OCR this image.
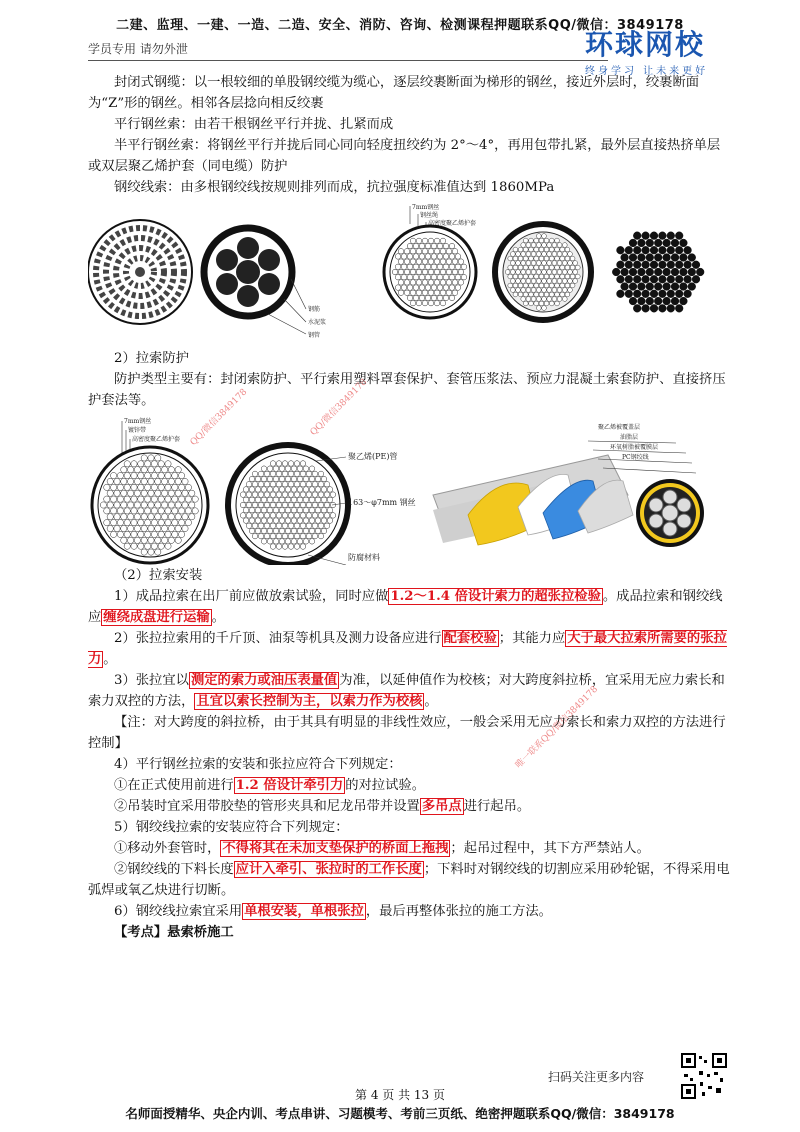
二建、监理、一建、一造、二造、安全、消防、咨询、检测课程押题联系QQ/微信：3849178
学员专用 请勿外泄	环球网校
终身学习 让未来更好
QQ/微信3849178
QQ/微信3849178
唯一联系QQ/微信3849178

封闭式钢缆：以一根较细的单股钢绞缆为缆心，逐层绞裹断面为梯形的钢丝，接近外层时，绞裹断面为“Z”形的钢丝。相邻各层捻向相反绞裹

平行钢丝索：由若干根钢丝平行并拢、扎紧而成

半平行钢丝索：将钢丝平行并拢后同心同向轻度扭绞约为 2°～4°，再用包带扎紧，最外层直接热挤单层或双层聚乙烯护套（同电缆）防护

钢绞线索：由多根钢绞线按规则排列而成，抗拉强度标准值达到 1860MPa

钢筋
水泥浆
钢管
7mm钢丝
钢丝绳
高密度聚乙烯护套

2）拉索防护

防护类型主要有：封闭索防护、平行索用塑料罩套保护、套管压浆法、预应力混凝土索套防护、直接挤压护套法等。

7mm钢丝
镀锌带
高密度聚乙烯护套
聚乙烯(PE)管
163～φ7mm 钢丝
防腐材料
聚乙烯被覆盖层
油脂层
环氧树脂被覆膜层
PC钢绞线

（2）拉索安装

1）成品拉索在出厂前应做放索试验，同时应做 1.2～1.4 倍设计索力的超张拉检验 。成品拉索和钢绞线应 缠绕成盘进行运输 。

2）张拉拉索用的千斤顶、油泵等机具及测力设备应进行 配套校验 ；其能力应 大于最大拉索所需要的张拉力 。

3）张拉宜以 测定的索力或油压表量值 为准，以延伸值作为校核；对大跨度斜拉桥，宜采用无应力索长和索力双控的方法， 且宜以索长控制为主，以索力作为校核 。

【注：对大跨度的斜拉桥，由于其具有明显的非线性效应，一般会采用无应力索长和索力双控的方法进行控制】

4）平行钢丝拉索的安装和张拉应符合下列规定：

①在正式使用前进行 1.2 倍设计牵引力 的对拉试验。

②吊装时宜采用带胶垫的管形夹具和尼龙吊带并设置 多吊点 进行起吊。

5）钢绞线拉索的安装应符合下列规定：

①移动外套管时， 不得将其在未加支垫保护的桥面上拖拽 ；起吊过程中，其下方严禁站人。

②钢绞线的下料长度 应计入牵引、张拉时的工作长度 ；下料时对钢绞线的切割应采用砂轮锯，不得采用电弧焊或氧乙炔进行切断。

6）钢绞线拉索宜采用 单根安装，单根张拉 ，最后再整体张拉的施工方法。

【考点】悬索桥施工

扫码关注更多内容
第 4 页 共 13 页
名师面授精华、央企内训、考点串讲、习题模考、考前三页纸、绝密押题联系QQ/微信：3849178
